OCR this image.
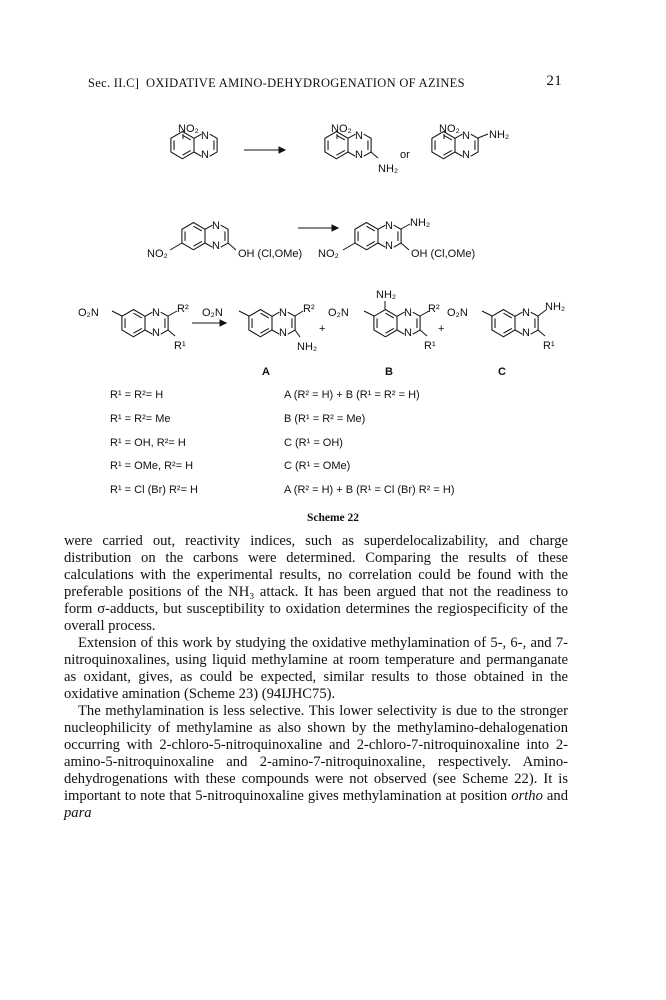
Sec. II.C] OXIDATIVE AMINO-DEHYDROGENATION OF AZINES	21
NO₂
N
N
NO₂
N
N
NH₂
or
NO₂
N
N
NH₂
NO₂
N
N
OH (Cl,OMe) NO₂
N
N
NH₂
OH (Cl,OMe)
O₂N	N
N
R²
R¹
O₂N	N
N
R²
NH₂
+
O₂N
NH₂
N
N
R²
R¹
+
O₂N	N
N
NH₂
R¹
A	B	C
R¹ = R²= H	A (R² = H) + B (R¹ = R² = H)
R¹ = R²= Me	B (R¹ = R² = Me)
R¹ = OH, R²= H	C (R¹ = OH)
R¹ = OMe, R²= H	C (R¹ = OMe)
R¹ = Cl (Br) R²= H	A (R² = H) + B (R¹ = Cl (Br) R² = H)
Scheme 22

were carried out, reactivity indices, such as superdelocalizability, and charge distribution on the carbons were determined. Comparing the results of these calculations with the experimental results, no correlation could be found with the preferable positions of the NH₃ attack. It has been argued that not the readiness to form σ-adducts, but susceptibility to oxidation determines the regiospecificity of the overall process.

Extension of this work by studying the oxidative methylamination of 5-, 6-, and 7-nitroquinoxalines, using liquid methylamine at room temperature and permanganate as oxidant, gives, as could be expected, similar results to those obtained in the oxidative amination (Scheme 23) (94IJHC75).

The methylamination is less selective. This lower selectivity is due to the stronger nucleophilicity of methylamine as also shown by the methylamino-dehalogenation occurring with 2-chloro-5-nitroquinoxaline and 2-chloro-7-nitroquinoxaline into 2-amino-5-nitroquinoxaline and 2-amino-7-nitroquinoxaline, respectively. Amino-dehydrogenations with these compounds were not observed (see Scheme 22). It is important to note that 5-nitroquinoxaline gives methylamination at position ortho and para
